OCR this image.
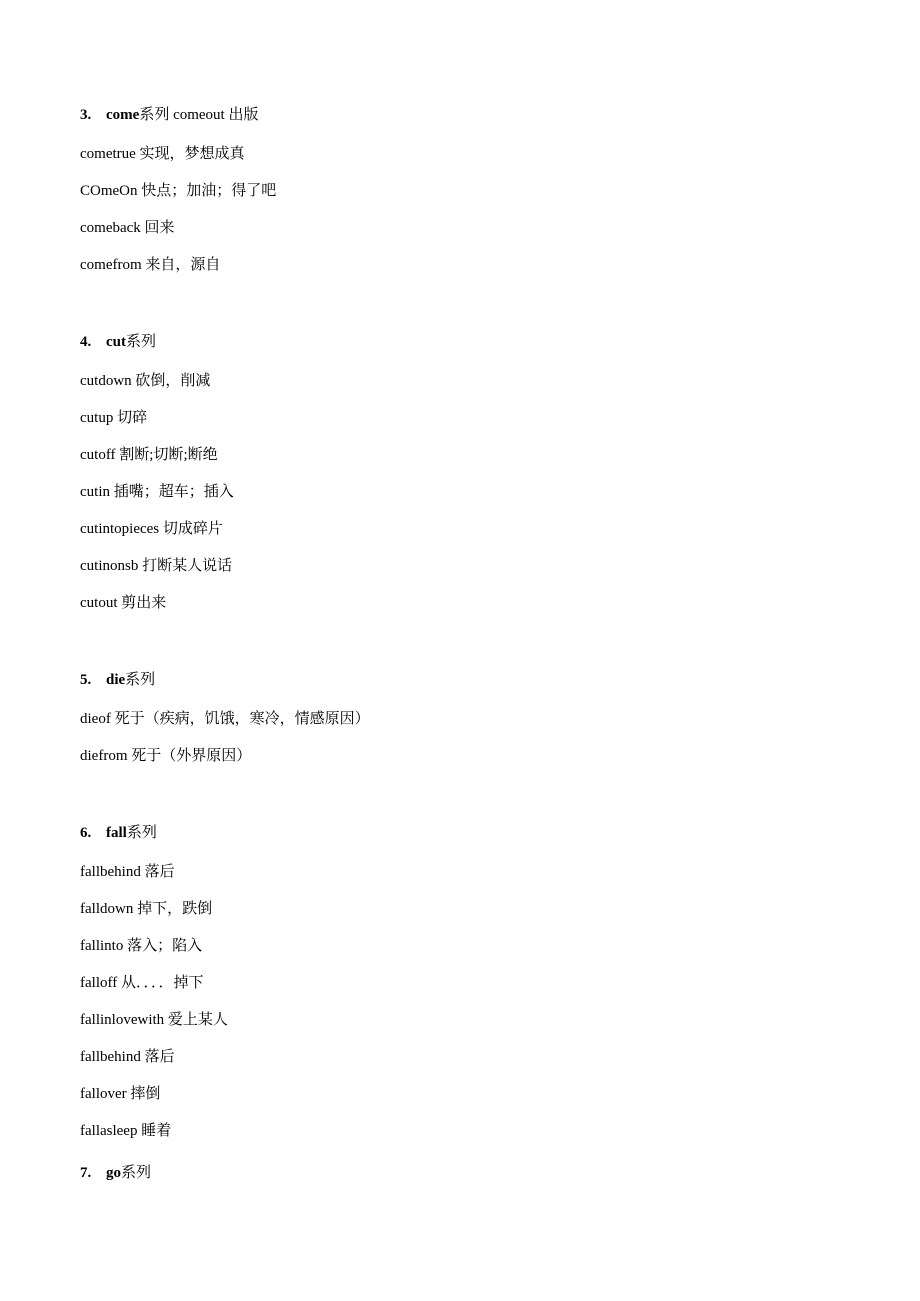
3. come系列 comeout 出版
cometrue 实现，梦想成真
COmeOn 快点；加油；得了吧
comeback 回来
comefrom 来自，源自
4. cut系列
cutdown 砍倒，削减
cutup 切碎
cutoff 割断;切断;断绝
cutin 插嘴；超车；插入
cutintopieces 切成碎片
cutinonsb 打断某人说话
cutout 剪出来
5. die系列
dieof 死于（疾病，饥饿，寒冷，情感原因）
diefrom 死于（外界原因）
6. fall系列
fallbehind 落后
falldown 掉下，跌倒
fallinto 落入；陷入
falloff 从．．．．掉下
fallinlovewith 爱上某人
fallbehind 落后
fallover 摔倒
fallasleep 睡着
7. go系列
